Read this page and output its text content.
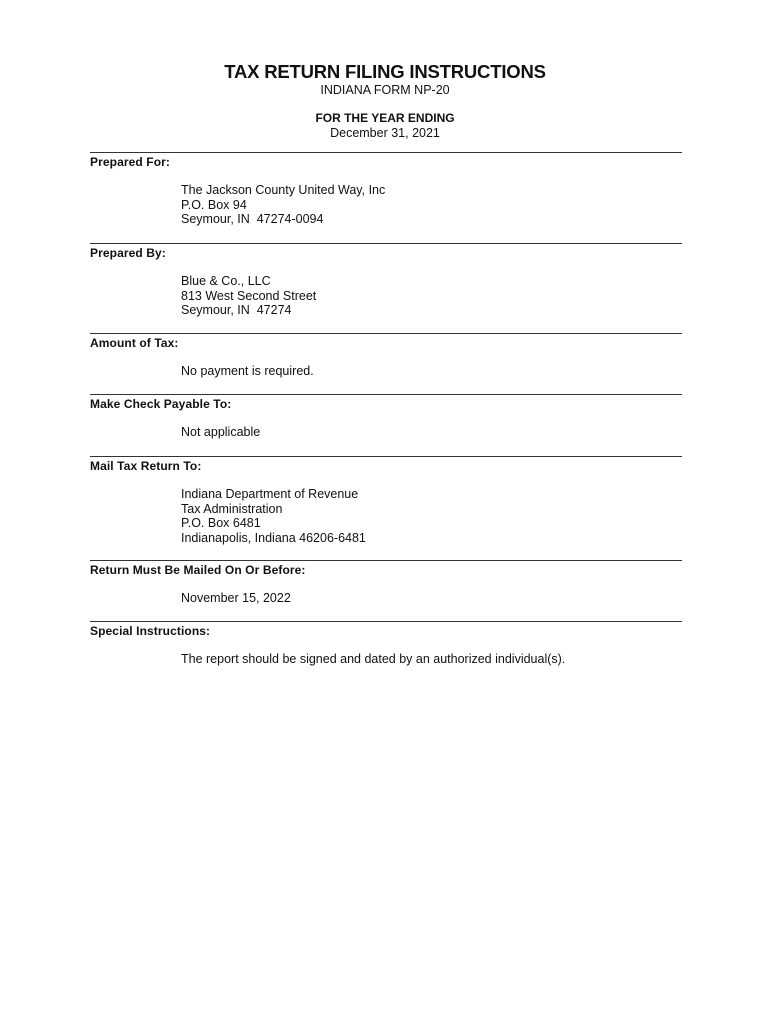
TAX RETURN FILING INSTRUCTIONS
INDIANA FORM NP-20
FOR THE YEAR ENDING
December 31, 2021
Prepared For:
The Jackson County United Way, Inc
P.O. Box 94
Seymour, IN  47274-0094
Prepared By:
Blue & Co., LLC
813 West Second Street
Seymour, IN  47274
Amount of Tax:
No payment is required.
Make Check Payable To:
Not applicable
Mail Tax Return To:
Indiana Department of Revenue
Tax Administration
P.O. Box 6481
Indianapolis, Indiana 46206-6481
Return Must Be Mailed On Or Before:
November 15, 2022
Special Instructions:
The report should be signed and dated by an authorized individual(s).
